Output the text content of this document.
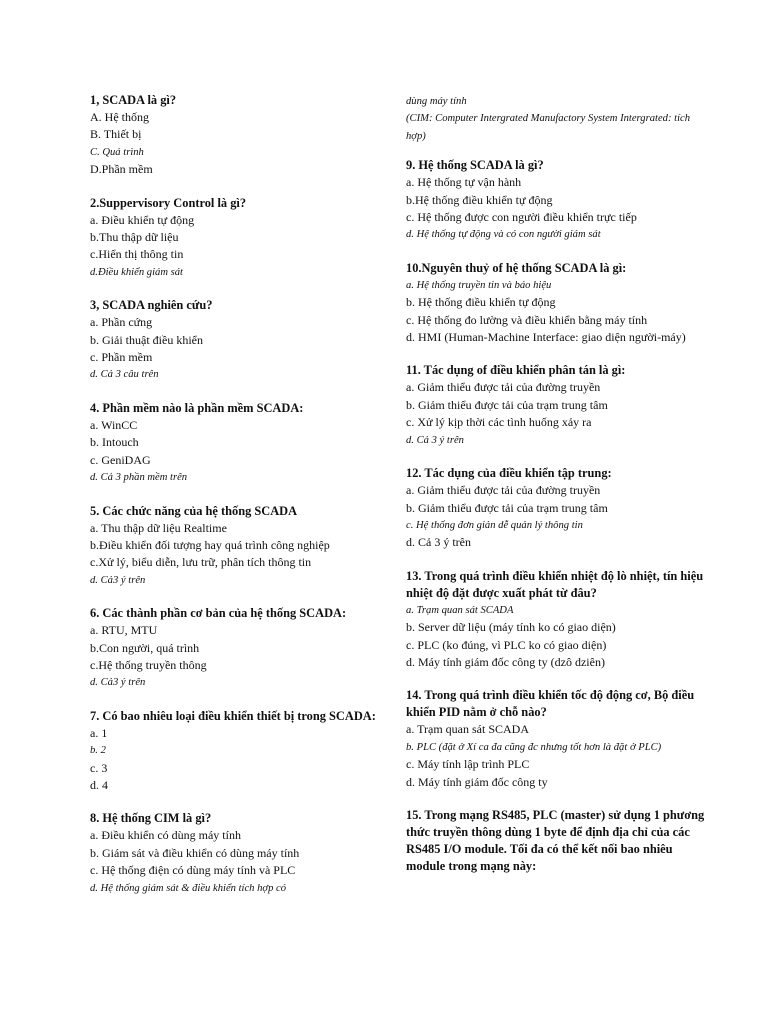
1, SCADA là gì?

A. Hệ thống

B. Thiết bị

C. Quá trình

D.Phần mềm

2.Suppervisory Control là gì?

a. Điều khiển tự động

b.Thu thập dữ liệu

c.Hiển thị thông tin

d.Điều khiển giám sát

3, SCADA nghiên cứu?

a. Phần cứng

b. Giải thuật điều khiển

c. Phần mềm

d. Cả 3 câu trên

4. Phần mềm nào là phần mềm SCADA:

a. WinCC

b. Intouch

c. GeniDAG

d. Cả 3 phần mềm trên

5. Các chức năng của hệ thống SCADA

a. Thu thập dữ liệu Realtime

b.Điều khiển đối tượng hay quá trình công nghiệp

c.Xử lý, biểu diễn, lưu trữ, phân tích thông tin

d. Cả3 ý trên

6. Các thành phần cơ bản của hệ thống SCADA:

a. RTU, MTU

b.Con người, quá trình

c.Hệ thống truyền thông

d. Cả3 ý trên

7. Có bao nhiêu loại điều khiển thiết bị trong SCADA:

a. 1

b. 2

c. 3

d. 4

8. Hệ thống CIM là gì?

a. Điều khiển có dùng máy tính

b. Giám sát và điều khiển có dùng máy tính

c. Hệ thống điện có dùng máy tính và PLC

d. Hệ thống giám sát & điều khiển tích hợp có

dùng máy tính

(CIM: Computer Intergrated Manufactory System Intergrated: tích hợp)

9. Hệ thống SCADA là gì?

a. Hệ thống tự vận hành

b.Hệ thống điều khiển tự động

c. Hệ thống được con người điều khiển trực tiếp

d. Hệ thống tự động và có con người giám sát

10.Nguyên thuỷ of hệ thống SCADA là gì:

a. Hệ thống truyền tin và báo hiệu

b. Hệ thống điều khiển tự động

c. Hệ thống đo lường và điều khiển bằng máy tính

d. HMI (Human-Machine Interface: giao diện người-máy)

11. Tác dụng of điều khiển phân tán là gì:

a. Giảm thiểu được tải của đường truyền

b. Giảm thiểu được tải của trạm trung tâm

c. Xử lý kịp thời các tình huống xảy ra

d. Cả 3 ý trên

12. Tác dụng của điều khiển tập trung:

a. Giảm thiểu được tải của đường truyền

b. Giảm thiểu được tải của trạm trung tâm

c. Hệ thống đơn giản dễ quản lý thông tin

d. Cả 3 ý trên

13. Trong quá trình điều khiển nhiệt độ lò nhiệt, tín hiệu nhiệt độ đặt được xuất phát từ đâu?

a. Trạm quan sát SCADA

b. Server dữ liệu (máy tính ko có giao diện)

c. PLC (ko đúng, vì PLC ko có giao diện)

d. Máy tính giám đốc công ty (dzô dziên)

14. Trong quá trình điều khiển tốc độ động cơ, Bộ điều khiển PID nằm ở chỗ nào?

a. Trạm quan sát SCADA

b. PLC (đặt ở Xí ca đa cũng đc nhưng tốt hơn là đặt ở PLC)

c. Máy tính lập trình PLC

d. Máy tính giám đốc công ty

15. Trong mạng RS485, PLC (master) sử dụng 1 phương thức truyền thông dùng 1 byte để định địa chỉ của các RS485 I/O module. Tối đa có thể kết nối bao nhiêu module trong mạng này:
